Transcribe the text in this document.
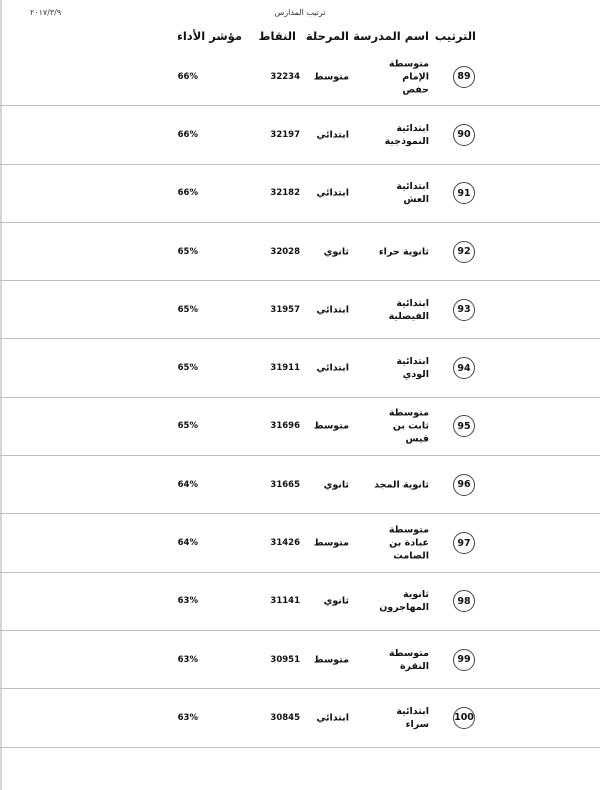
٢٠١٧/٣/٩	ترتيب المدارس
الترتيب
اسم المدرسة
المرحلة
النقاط
مؤشر الأداء
89
متوسطة الإمام حفص
متوسط
32234
66%
90
ابتدائية النموذجية
ابتدائي
32197
66%
91
ابتدائية العش
ابتدائي
32182
66%
92
ثانوية حراء
ثانوي
32028
65%
93
ابتدائية الفيصلية
ابتدائي
31957
65%
94
ابتدائية الودي
ابتدائي
31911
65%
95
متوسطة ثابت بن قيس
متوسط
31696
65%
96
ثانوية المجد
ثانوي
31665
64%
97
متوسطة عبادة بن الصامت
متوسط
31426
64%
98
ثانوية المهاجرون
ثانوي
31141
63%
99
متوسطة النقرة
متوسط
30951
63%
100
ابتدائية سراء
ابتدائي
30845
63%
